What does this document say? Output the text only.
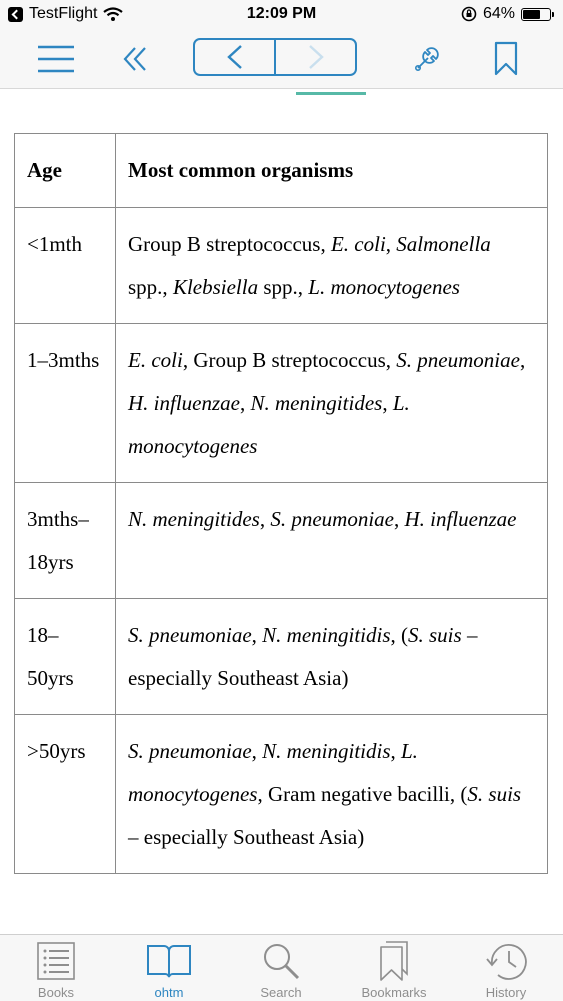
TestFlight	12:09 PM	64%
Age	Most common organisms
<1mth	Group B streptococcus, E. coli, Salmonella spp., Klebsiella spp., L. monocytogenes
1–3mths	E. coli, Group B streptococcus, S. pneumoniae, H. influenzae, N. meningitides, L. monocytogenes
3mths–18yrs	N. meningitides, S. pneumoniae, H. influenzae
18–50yrs	S. pneumoniae, N. meningitidis, (S. suis – especially Southeast Asia)
>50yrs	S. pneumoniae, N. meningitidis, L. monocytogenes, Gram negative bacilli, (S. suis – especially Southeast Asia)
Books	ohtm	Search	Bookmarks	History
